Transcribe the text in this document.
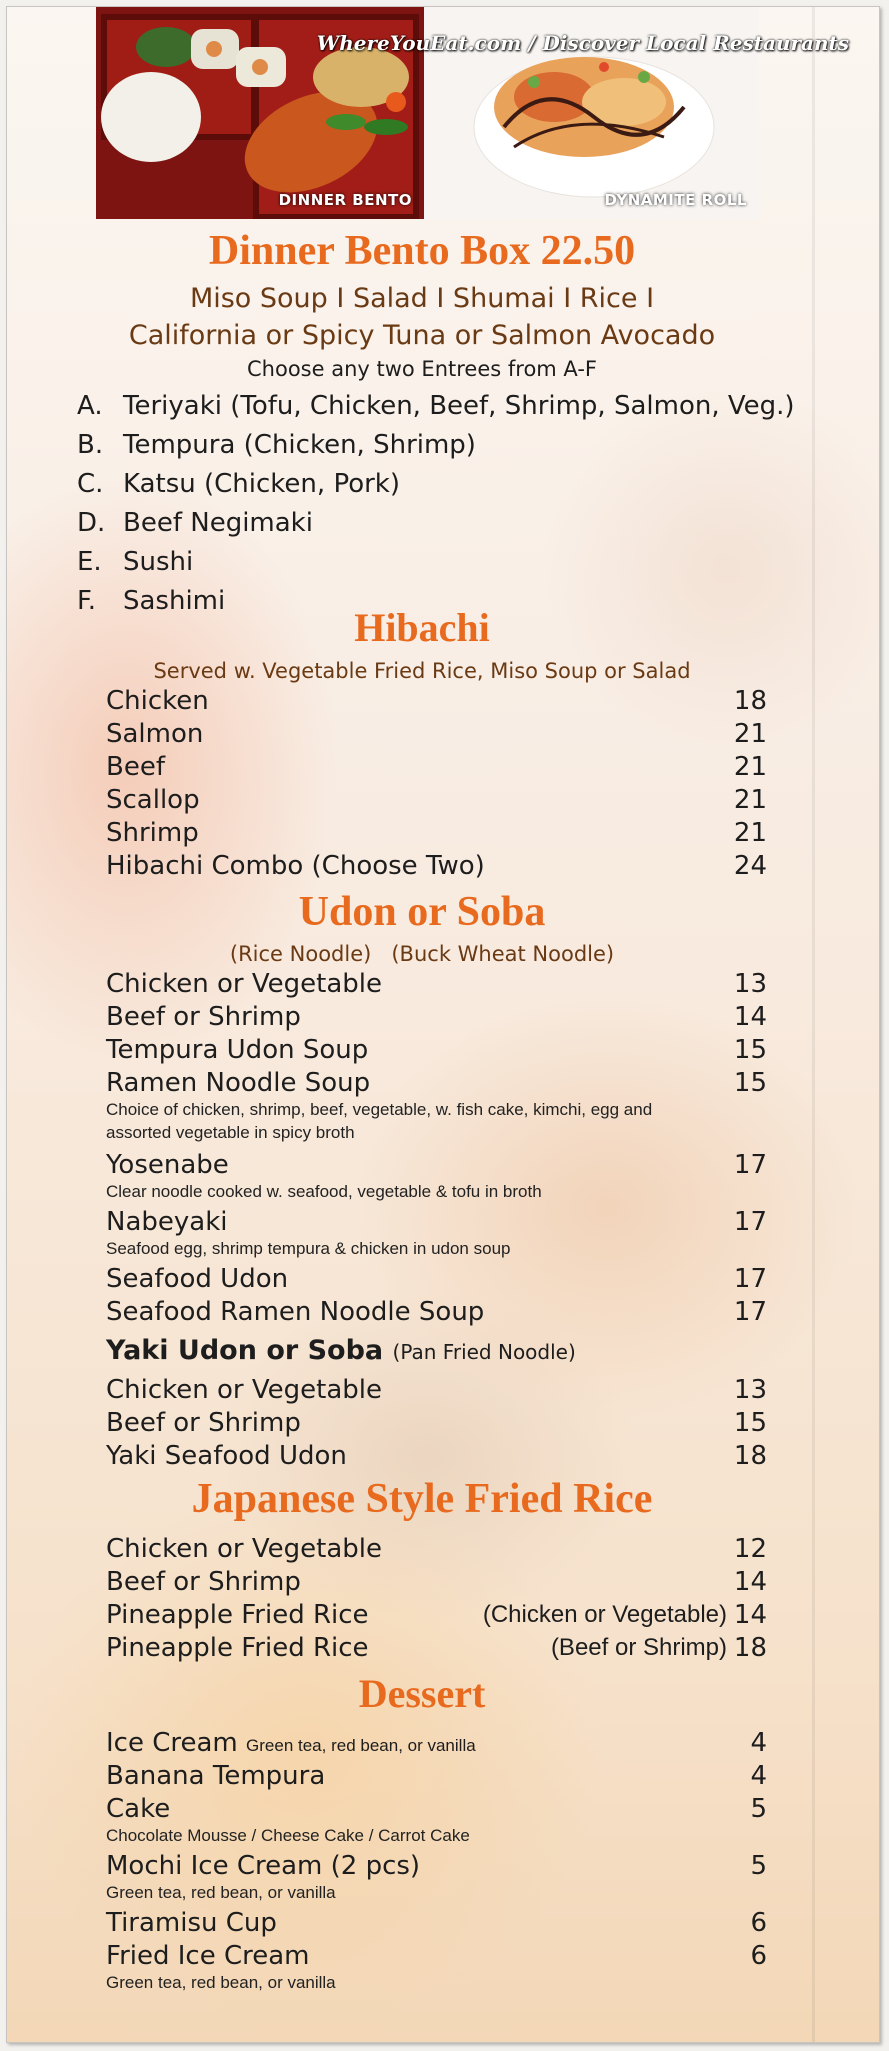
DINNER BENTO	DYNAMITE ROLL
WhereYouEat.com / Discover Local Restaurants
Dinner Bento Box 22.50
Miso Soup I Salad I Shumai I Rice I
California or Spicy Tuna or Salmon Avocado
Choose any two Entrees from A-F
A. Teriyaki (Tofu, Chicken, Beef, Shrimp, Salmon, Veg.)
B. Tempura (Chicken, Shrimp)
C. Katsu (Chicken, Pork)
D. Beef Negimaki
E. Sushi
F. Sashimi
Hibachi
Served w. Vegetable Fried Rice, Miso Soup or Salad
Chicken	18
Salmon	21
Beef	21
Scallop	21
Shrimp	21
Hibachi Combo (Choose Two)	24
Udon or Soba
(Rice Noodle)   (Buck Wheat Noodle)
Chicken or Vegetable	13
Beef or Shrimp	14
Tempura Udon Soup	15
Ramen Noodle Soup	15
Choice of chicken, shrimp, beef, vegetable, w. fish cake, kimchi, egg and
assorted vegetable in spicy broth
Yosenabe	17
Clear noodle cooked w. seafood, vegetable & tofu in broth
Nabeyaki	17
Seafood egg, shrimp tempura & chicken in udon soup
Seafood Udon	17
Seafood Ramen Noodle Soup	17
Yaki Udon or Soba (Pan Fried Noodle)
Chicken or Vegetable	13
Beef or Shrimp	15
Yaki Seafood Udon	18
Japanese Style Fried Rice
Chicken or Vegetable	12
Beef or Shrimp	14
Pineapple Fried Rice	(Chicken or Vegetable) 14
Pineapple Fried Rice	(Beef or Shrimp) 18
Dessert
Ice Cream Green tea, red bean, or vanilla	4
Banana Tempura	4
Cake	5
Chocolate Mousse / Cheese Cake / Carrot Cake
Mochi Ice Cream (2 pcs)	5
Green tea, red bean, or vanilla
Tiramisu Cup	6
Fried Ice Cream	6
Green tea, red bean, or vanilla
